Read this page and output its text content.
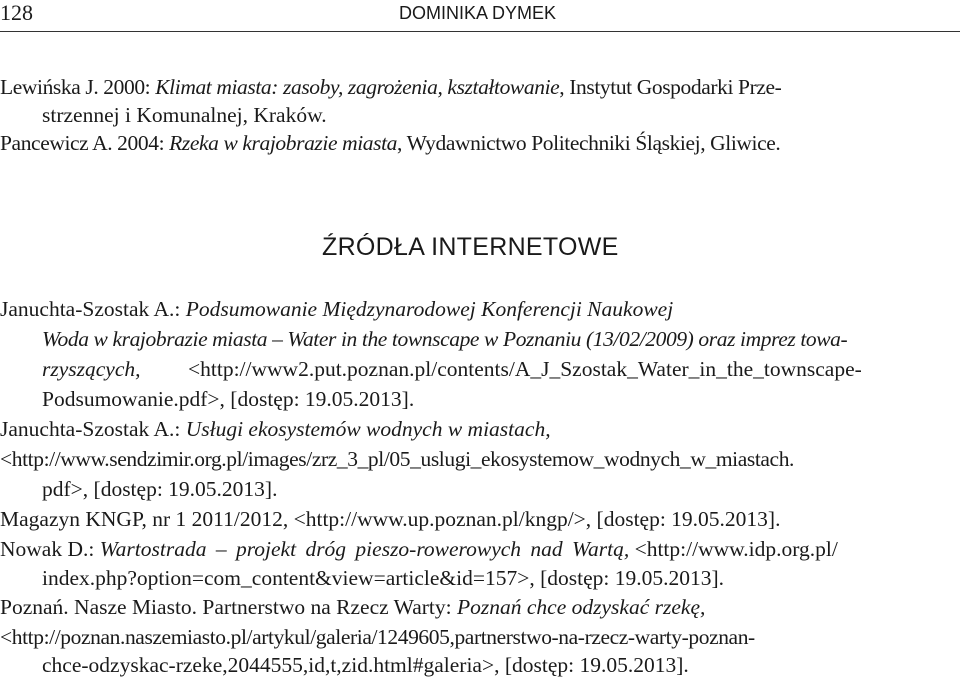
128	DOMINIKA DYMEK
Lewińska J. 2000: Klimat miasta: zasoby, zagrożenia, kształtowanie, Instytut Gospodarki Prze-
strzennej i Komunalnej, Kraków.
Pancewicz A. 2004: Rzeka w krajobrazie miasta, Wydawnictwo Politechniki Śląskiej, Gliwice.
ŹRÓDŁA INTERNETOWE
Januchta-Szostak A.: Podsumowanie Międzynarodowej Konferencji Naukowej
Woda w krajobrazie miasta – Water in the townscape w Poznaniu (13/02/2009) oraz imprez towa-
rzyszących, <http://www2.put.poznan.pl/contents/A_J_Szostak_Water_in_the_townscape-
Podsumowanie.pdf>, [dostęp: 19.05.2013].
Januchta-Szostak A.: Usługi ekosystemów wodnych w miastach,
<http://www.sendzimir.org.pl/images/zrz_3_pl/05_uslugi_ekosystemow_wodnych_w_miastach.
pdf>, [dostęp: 19.05.2013].
Magazyn KNGP, nr 1 2011/2012, <http://www.up.poznan.pl/kngp/>, [dostęp: 19.05.2013].
Nowak D.: Wartostrada – projekt dróg pieszo-rowerowych nad Wartą, <http://www.idp.org.pl/
index.php?option=com_content&view=article&id=157>, [dostęp: 19.05.2013].
Poznań. Nasze Miasto. Partnerstwo na Rzecz Warty: Poznań chce odzyskać rzekę,
<http://poznan.naszemiasto.pl/artykul/galeria/1249605,partnerstwo-na-rzecz-warty-poznan-
chce-odzyskac-rzeke,2044555,id,t,zid.html#galeria>, [dostęp: 19.05.2013].
